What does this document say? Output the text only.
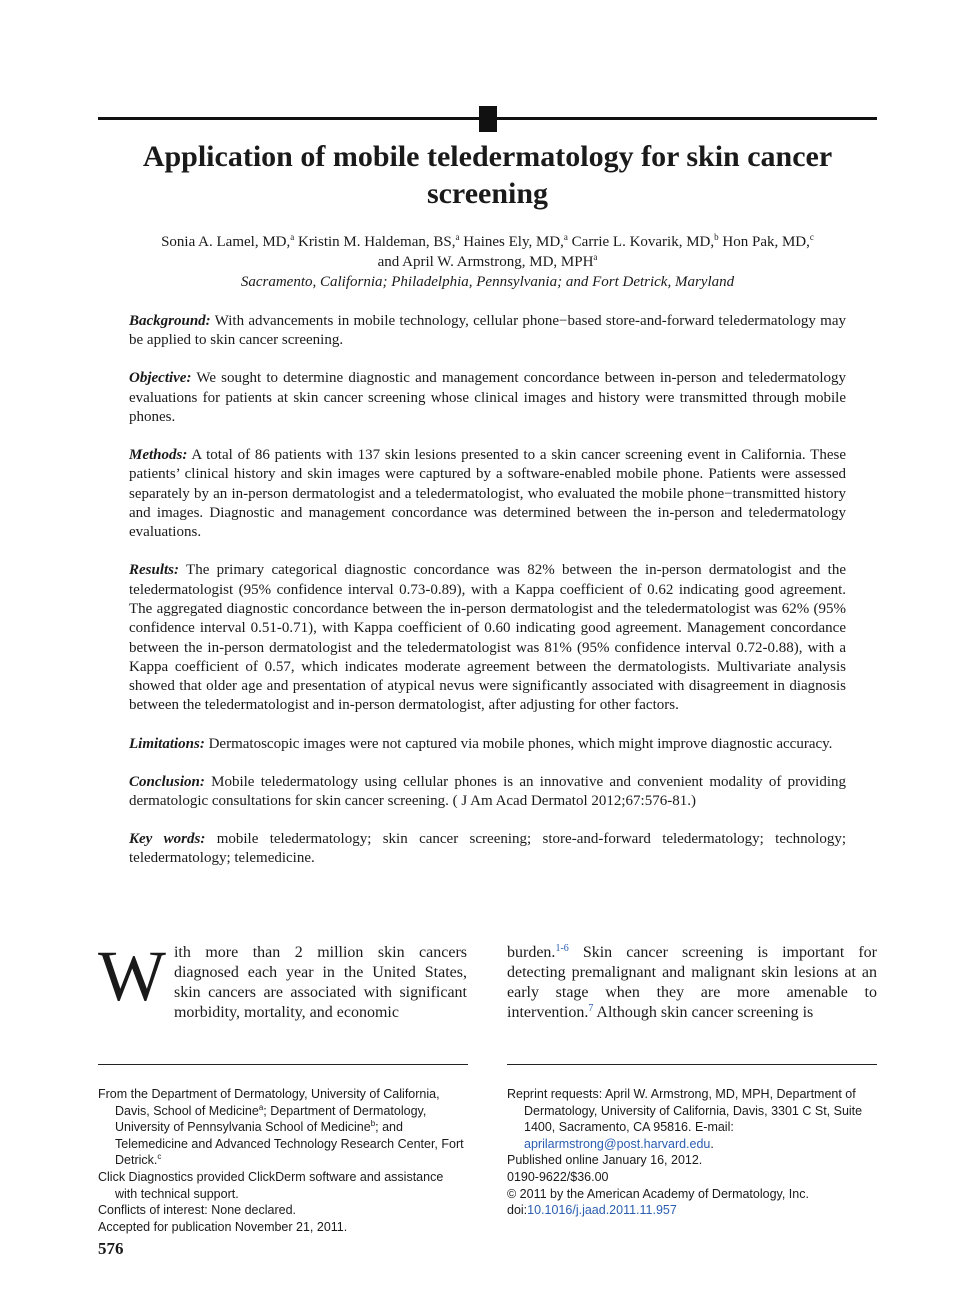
Application of mobile teledermatology for skin cancer screening
Sonia A. Lamel, MD,$^a$ Kristin M. Haldeman, BS,$^a$ Haines Ely, MD,$^a$ Carrie L. Kovarik, MD,$^b$ Hon Pak, MD,$^c$
and April W. Armstrong, MD, MPH$^a$
Sacramento, California; Philadelphia, Pennsylvania; and Fort Detrick, Maryland

Background: With advancements in mobile technology, cellular phone−based store-and-forward teledermatology may be applied to skin cancer screening.

Objective: We sought to determine diagnostic and management concordance between in-person and teledermatology evaluations for patients at skin cancer screening whose clinical images and history were transmitted through mobile phones.

Methods: A total of 86 patients with 137 skin lesions presented to a skin cancer screening event in California. These patients’ clinical history and skin images were captured by a software-enabled mobile phone. Patients were assessed separately by an in-person dermatologist and a teledermatologist, who evaluated the mobile phone−transmitted history and images. Diagnostic and management concordance was determined between the in-person and teledermatology evaluations.

Results: The primary categorical diagnostic concordance was 82% between the in-person dermatologist and the teledermatologist (95% confidence interval 0.73-0.89), with a Kappa coefficient of 0.62 indicating good agreement. The aggregated diagnostic concordance between the in-person dermatologist and the teledermatologist was 62% (95% confidence interval 0.51-0.71), with Kappa coefficient of 0.60 indicating good agreement. Management concordance between the in-person dermatologist and the teledermatologist was 81% (95% confidence interval 0.72-0.88), with a Kappa coefficient of 0.57, which indicates moderate agreement between the dermatologists. Multivariate analysis showed that older age and presentation of atypical nevus were significantly associated with disagreement in diagnosis between the teledermatologist and in-person dermatologist, after adjusting for other factors.

Limitations: Dermatoscopic images were not captured via mobile phones, which might improve diagnostic accuracy.

Conclusion: Mobile teledermatology using cellular phones is an innovative and convenient modality of providing dermatologic consultations for skin cancer screening. ( J Am Acad Dermatol 2012;67:576-81.)

Key words: mobile teledermatology; skin cancer screening; store-and-forward teledermatology; technology; teledermatology; telemedicine.

With more than 2 million skin cancers diagnosed each year in the United States, skin cancers are associated with significant morbidity, mortality, and economic
burden.$^{1-6}$ Skin cancer screening is important for detecting premalignant and malignant skin lesions at an early stage when they are more amenable to intervention.$^7$ Although skin cancer screening is

From the Department of Dermatology, University of California, Davis, School of Medicine$^a$; Department of Dermatology, University of Pennsylvania School of Medicine$^b$; and Telemedicine and Advanced Technology Research Center, Fort Detrick.$^c$

Click Diagnostics provided ClickDerm software and assistance with technical support.

Conflicts of interest: None declared.

Accepted for publication November 21, 2011.

Reprint requests: April W. Armstrong, MD, MPH, Department of Dermatology, University of California, Davis, 3301 C St, Suite 1400, Sacramento, CA 95816. E-mail: aprilarmstrong@post.harvard.edu.

Published online January 16, 2012.

0190-9622/$36.00

© 2011 by the American Academy of Dermatology, Inc.

doi:10.1016/j.jaad.2011.11.957

576
